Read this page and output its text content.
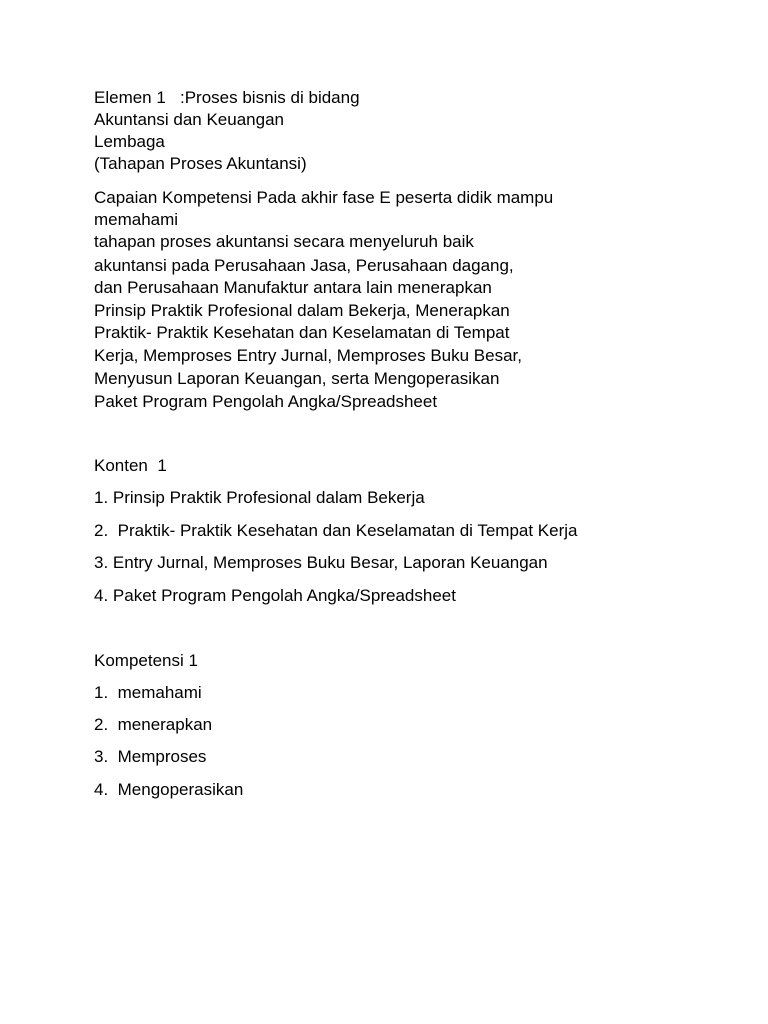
Elemen 1   :Proses bisnis di bidang
Akuntansi dan Keuangan
Lembaga
(Tahapan Proses Akuntansi)
Capaian Kompetensi Pada akhir fase E peserta didik mampu
memahami
tahapan proses akuntansi secara menyeluruh baik
akuntansi pada Perusahaan Jasa, Perusahaan dagang,
dan Perusahaan Manufaktur antara lain menerapkan
Prinsip Praktik Profesional dalam Bekerja, Menerapkan
Praktik- Praktik Kesehatan dan Keselamatan di Tempat
Kerja, Memproses Entry Jurnal, Memproses Buku Besar,
Menyusun Laporan Keuangan, serta Mengoperasikan
Paket Program Pengolah Angka/Spreadsheet
Konten  1
1. Prinsip Praktik Profesional dalam Bekerja
2.  Praktik- Praktik Kesehatan dan Keselamatan di Tempat Kerja
3. Entry Jurnal, Memproses Buku Besar, Laporan Keuangan
4. Paket Program Pengolah Angka/Spreadsheet
Kompetensi 1
1.  memahami
2.  menerapkan
3.  Memproses
4.  Mengoperasikan
